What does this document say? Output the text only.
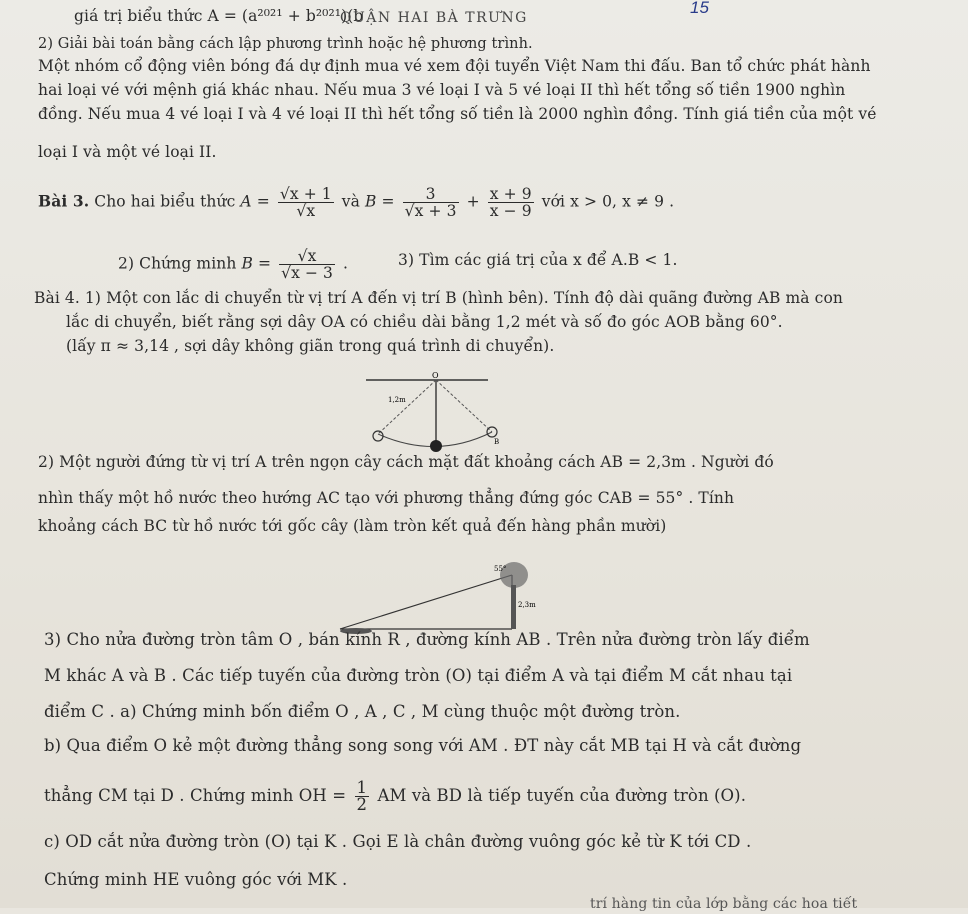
giá trị biểu thức A = (a²⁰²¹ + b²⁰²¹)(b
QUẬN HAI BÀ TRƯNG
15
2) Giải bài toán bằng cách lập phương trình hoặc hệ phương trình.
Một nhóm cổ động viên bóng đá dự định mua vé xem đội tuyển Việt Nam thi đấu. Ban tổ chức phát hành
hai loại vé với mệnh giá khác nhau. Nếu mua 3 vé loại I và 5 vé loại II thì hết tổng số tiền 1900 nghìn
đồng. Nếu mua 4 vé loại I và 4 vé loại II thì hết tổng số tiền là 2000 nghìn đồng. Tính giá tiền của một vé
loại I và một vé loại II.
Bài 3. Cho hai biểu thức $A = \frac{√x + 1}{√x}$ và $B = \frac{3}{√x + 3} + \frac{x + 9}{x - 9}$ với x > 0, x ≠ 9 .
2) Chứng minh $B = \frac{√x}{√x - 3}$ .	3) Tìm các giá trị của x để A.B < 1.
Bài 4. 1) Một con lắc di chuyển từ vị trí A đến vị trí B (hình bên). Tính độ dài quãng đường AB mà con
lắc di chuyển, biết rằng sợi dây OA có chiều dài bằng 1,2 mét và số đo góc AOB bằng 60°.
(lấy π ≈ 3,14 , sợi dây không giãn trong quá trình di chuyển).
O
1,2m
B
2) Một người đứng từ vị trí A trên ngọn cây cách mặt đất khoảng cách AB = 2,3m . Người đó
nhìn thấy một hồ nước theo hướng AC tạo với phương thẳng đứng góc CAB = 55° . Tính
khoảng cách BC từ hồ nước tới gốc cây (làm tròn kết quả đến hàng phần mười)
55°
2,3m
3) Cho nửa đường tròn tâm O , bán kính R , đường kính AB . Trên nửa đường tròn lấy điểm
M khác A và B . Các tiếp tuyến của đường tròn (O) tại điểm A và tại điểm M cắt nhau tại
điểm C . a) Chứng minh bốn điểm O , A , C , M cùng thuộc một đường tròn.
b) Qua điểm O kẻ một đường thẳng song song với AM . ĐT này cắt MB tại H và cắt đường
thẳng CM tại D . Chứng minh OH = $\frac{1}{2}$ AM và BD là tiếp tuyến của đường tròn (O).
c) OD cắt nửa đường tròn (O) tại K . Gọi E là chân đường vuông góc kẻ từ K tới CD .
Chứng minh HE vuông góc với MK .
trí hàng tin của lớp bằng các hoa tiết
